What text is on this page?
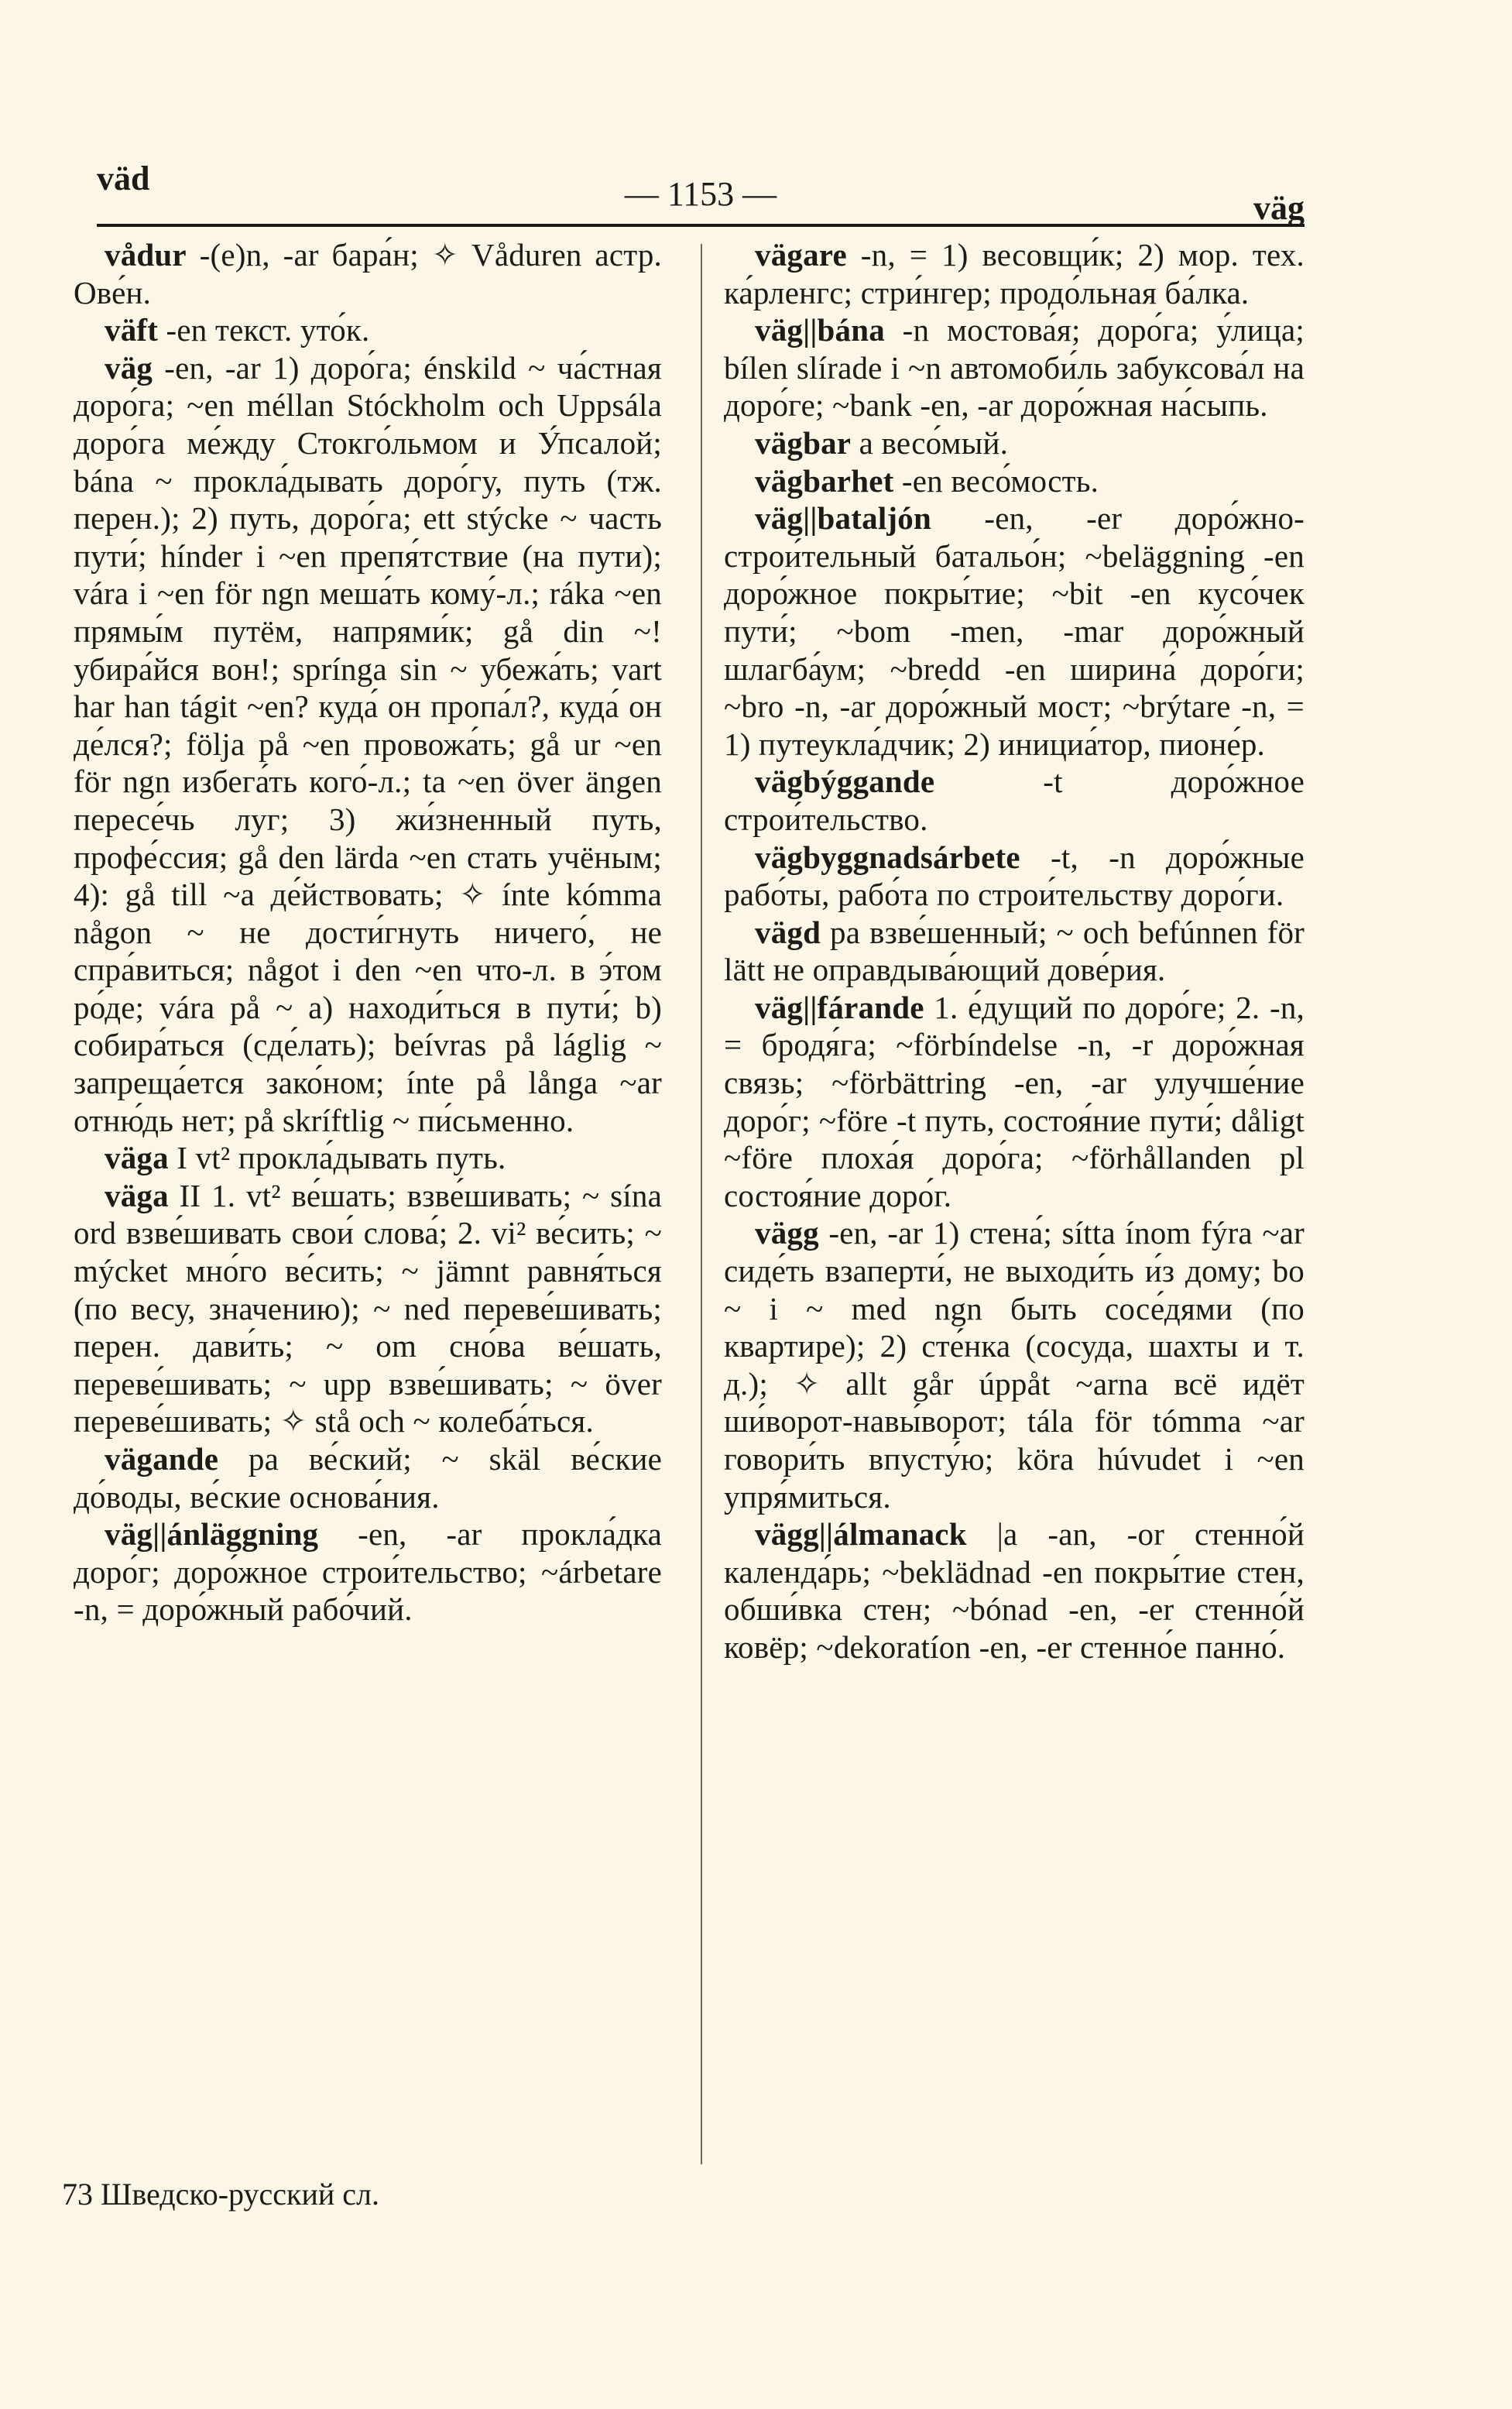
väd	— 1153 —	väg

vådur -(e)n, -ar бара́н; ✧ Våduren астр. Ове́н.

väft -en текст. уто́к.

väg -en, -ar 1) доро́га; énskild ~ ча́стная доро́га; ~en méllan Stóckholm och Uppsála доро́га ме́жду Стокго́льмом и У́псалой; bána ~ прокла́дывать доро́гу, путь (тж. перен.); 2) путь, доро́га; ett stýcke ~ часть пути́; hínder i ~en препя́тствие (на пути); vára i ~en för ngn меша́ть кому́-л.; ráka ~en прямы́м путём, напрями́к; gå din ~! убира́йся вон!; sprínga sin ~ убежа́ть; vart har han tágit ~en? куда́ он пропа́л?, куда́ он де́лся?; följa på ~en провожа́ть; gå ur ~en för ngn избега́ть кого́-л.; ta ~en över ängen пересе́чь луг; 3) жи́зненный путь, профе́ссия; gå den lärda ~en стать учёным; 4): gå till ~a де́йствовать; ✧ ínte kómma någon ~ не дости́гнуть ничего́, не спра́виться; något i den ~en что-л. в э́том ро́де; vára på ~ a) находи́ться в пути́; b) собира́ться (сде́лать); beívras på láglig ~ запреща́ется зако́ном; ínte på långa ~ar отню́дь нет; på skríftlig ~ пи́сьменно.

väga I vt² прокла́дывать путь.

väga II 1. vt² ве́шать; взве́шивать; ~ sína ord взве́шивать свои́ слова́; 2. vi² ве́сить; ~ mýcket мно́го ве́сить; ~ jämnt равня́ться (по весу, значению); ~ ned переве́шивать; перен. дави́ть; ~ om сно́ва ве́шать, переве́шивать; ~ upp взве́шивать; ~ över переве́шивать; ✧ stå och ~ колеба́ться.

vägande pa ве́ский; ~ skäl ве́ские до́воды, ве́ские основа́ния.

väg||ánläggning -en, -ar прокла́дка доро́г; доро́жное строи́тельство; ~árbetare -n, = доро́жный рабо́чий.

vägare -n, = 1) весовщи́к; 2) мор. тех. ка́рленгс; стри́нгер; продо́льная ба́лка.

väg||bána -n мостова́я; доро́га; у́лица; bílen slírade i ~n автомоби́ль забуксова́л на доро́ге; ~bank -en, -ar доро́жная на́сыпь.

vägbar a весо́мый.

vägbarhet -en весо́мость.

väg||bataljón -en, -er доро́жно-строи́тельный батальо́н; ~beläggning -en доро́жное покры́тие; ~bit -en кусо́чек пути́; ~bom -men, -mar доро́жный шлагба́ум; ~bredd -en ширина́ доро́ги; ~bro -n, -ar доро́жный мост; ~brýtare -n, = 1) путеукла́дчик; 2) инициа́тор, пионе́р.

vägbýggande -t доро́жное строи́тельство.

vägbyggnadsárbete -t, -n доро́жные рабо́ты, рабо́та по строи́тельству доро́ги.

vägd pa взве́шенный; ~ och befúnnen för lätt не оправдыва́ющий дове́рия.

väg||fárande 1. е́дущий по доро́ге; 2. -n, = бродя́га; ~förbíndelse -n, -r доро́жная связь; ~förbättring -en, -ar улучше́ние доро́г; ~före -t путь, состоя́ние пути́; dåligt ~före плоха́я доро́га; ~förhållanden pl состоя́ние доро́г.

vägg -en, -ar 1) стена́; sítta ínom fýra ~ar сиде́ть взаперти́, не выходи́ть и́з дому; bo ~ i ~ med ngn быть сосе́дями (по квартире); 2) сте́нка (сосуда, шахты и т. д.); ✧ allt går úppåt ~arna всё идёт ши́ворот-навы́ворот; tála för tómma ~ar говори́ть впусту́ю; köra húvudet i ~en упря́миться.

vägg||álmanack |a -an, -or стенно́й календа́рь; ~beklädnad -en покры́тие стен, обши́вка стен; ~bónad -en, -er стенно́й ковёр; ~dekoratíon -en, -er стенно́е панно́.

73 Шведско-русский сл.
